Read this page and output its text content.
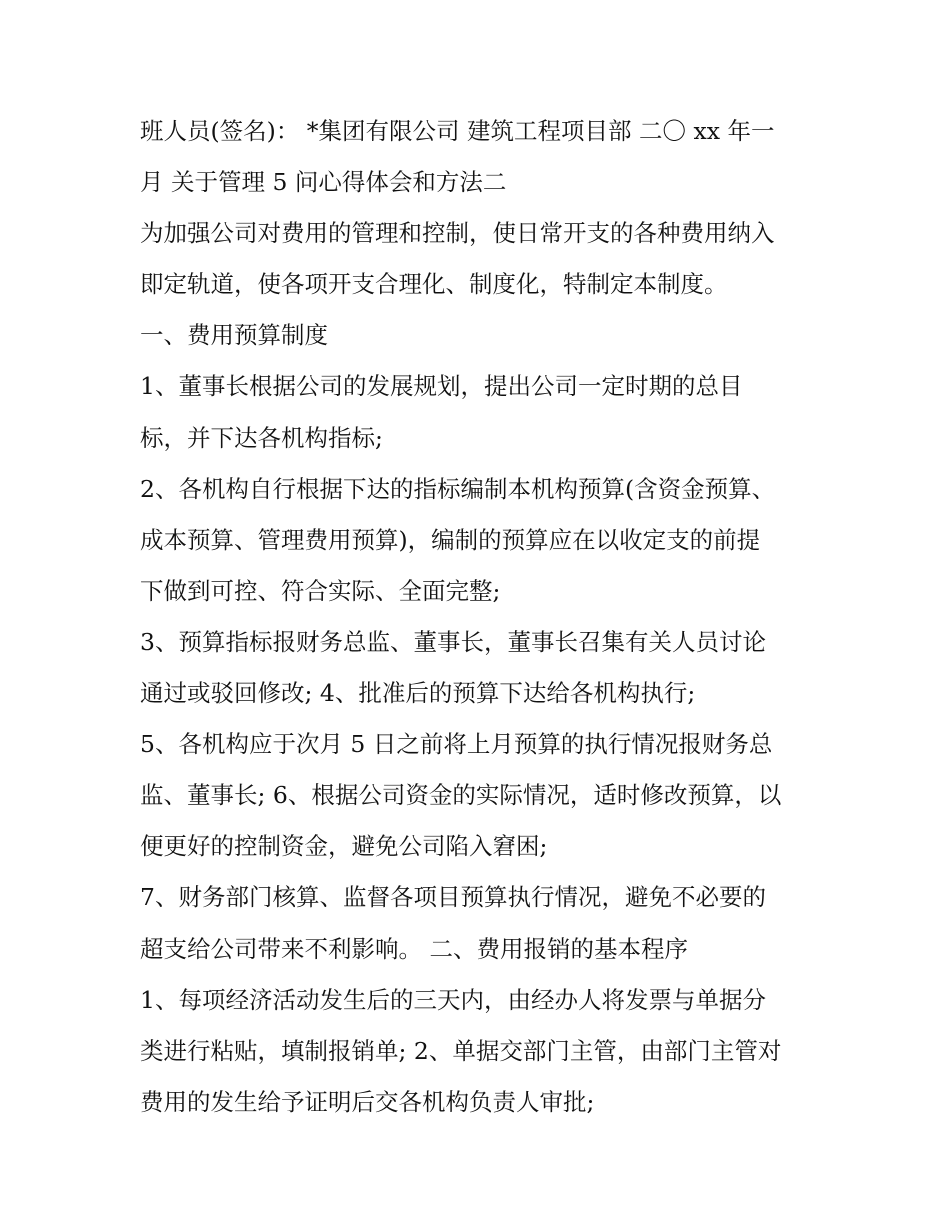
班人员(签名)： *集团有限公司 建筑工程项目部 二〇 xx 年一
月 关于管理 5 问心得体会和方法二
为加强公司对费用的管理和控制，使日常开支的各种费用纳入
即定轨道，使各项开支合理化、制度化，特制定本制度。
一、费用预算制度
1、董事长根据公司的发展规划，提出公司一定时期的总目
标，并下达各机构指标;
2、各机构自行根据下达的指标编制本机构预算(含资金预算、
成本预算、管理费用预算)，编制的预算应在以收定支的前提
下做到可控、符合实际、全面完整;
3、预算指标报财务总监、董事长，董事长召集有关人员讨论
通过或驳回修改; 4、批准后的预算下达给各机构执行;
5、各机构应于次月 5 日之前将上月预算的执行情况报财务总
监、董事长; 6、根据公司资金的实际情况，适时修改预算，以
便更好的控制资金，避免公司陷入窘困;
7、财务部门核算、监督各项目预算执行情况，避免不必要的
超支给公司带来不利影响。 二、费用报销的基本程序
1、每项经济活动发生后的三天内，由经办人将发票与单据分
类进行粘贴，填制报销单; 2、单据交部门主管，由部门主管对
费用的发生给予证明后交各机构负责人审批;
